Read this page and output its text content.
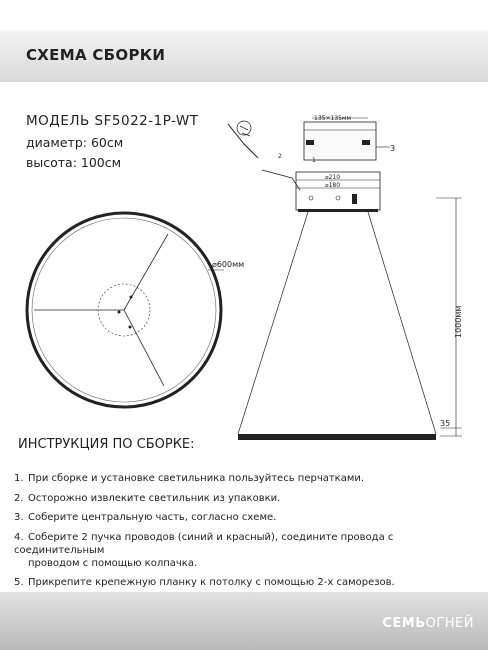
СХЕМА СБОРКИ
МОДЕЛЬ SF5022-1P-WT
диаметр: 60см
высота: 100см
⌀600мм
135×135мм
⌀210
⌀180
1
2
3
1000мм
35
ИНСТРУКЦИЯ ПО СБОРКЕ:
1. При сборке и установке светильника пользуйтесь перчатками.
2. Осторожно извлеките светильник из упаковки.
3. Соберите центральную часть, согласно схеме.
4. Соберите 2 пучка проводов (синий и красный), соедините провода с соединительным
проводом с помощью колпачка.
5. Прикрепите крепежную планку к потолку с помощью 2-х саморезов.
СЕМЬОГНЕЙ
